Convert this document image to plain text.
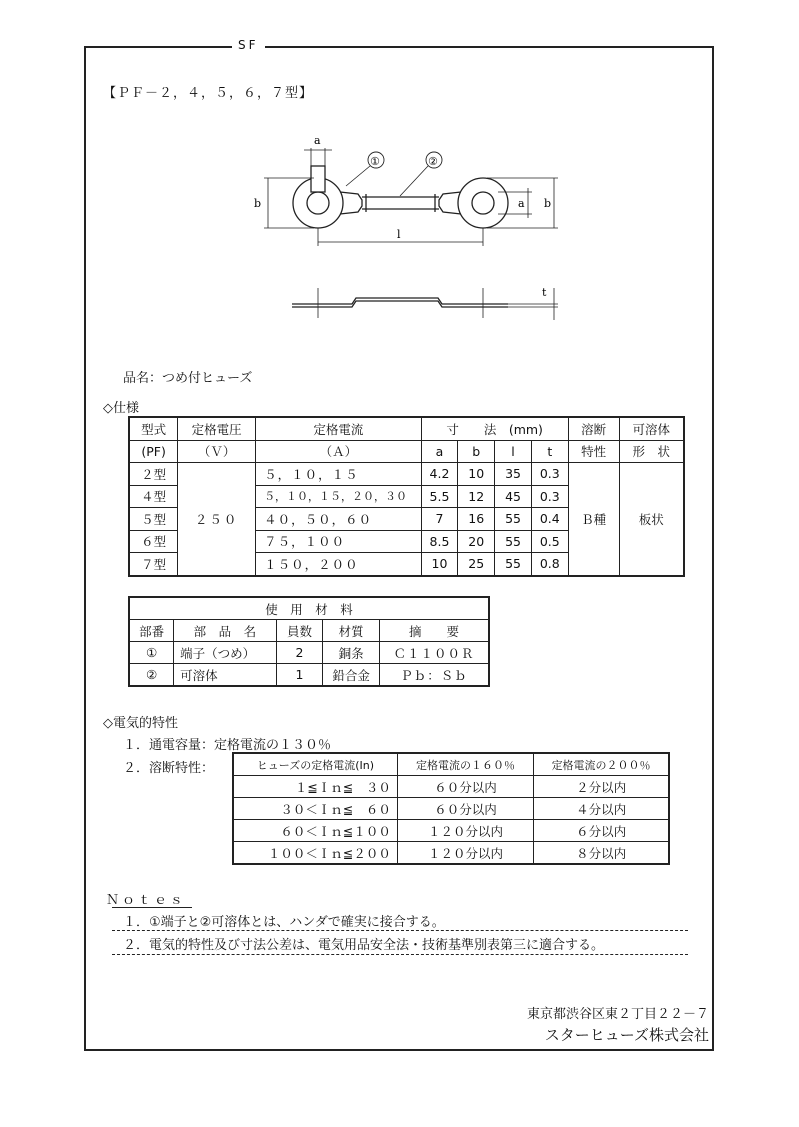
SF
【ＰＦ－２，４，５，６，７型】
①	②
a
b
l
a b
t
品名：つめ付ヒューズ
◇仕様
型式	定格電圧	定格電流	寸　　法　(mm)				溶断	可溶体
(PF)	（Ｖ）	（Ａ）	a	b	l	t	特性	形　状
２型	２５０	５，１０，１５	4.2	10	35	0.3	Ｂ種	板状
４型		５，１０，１５，２０，３０	5.5	12	45	0.3		
５型		４０，５０，６０	7	16	55	0.4		
６型		７５，１００	8.5	20	55	0.5		
７型		１５０，２００	10	25	55	0.8		
使　用　材　料				
部番	部　品　名	員数	材質	摘　　要
①	端子（つめ）	2	銅条	Ｃ１１００Ｒ
②	可溶体	1	鉛合金	Ｐｂ：Ｓｂ
◇電気的特性
１．通電容量：定格電流の１３０％
２．溶断特性：	ヒューズの定格電流(In)	定格電流の１６０％	定格電流の２００％
１≦Ｉｎ≦　３０	６０分以内	２分以内
３０＜Ｉｎ≦　６０	６０分以内	４分以内
６０＜Ｉｎ≦１００	１２０分以内	６分以内
１００＜Ｉｎ≦２００	１２０分以内	８分以内
Ｎｏｔｅｓ
１．①端子と②可溶体とは、ハンダで確実に接合する。
２．電気的特性及び寸法公差は、電気用品安全法・技術基準別表第三に適合する。
東京都渋谷区東２丁目２２－７
スターヒューズ株式会社
